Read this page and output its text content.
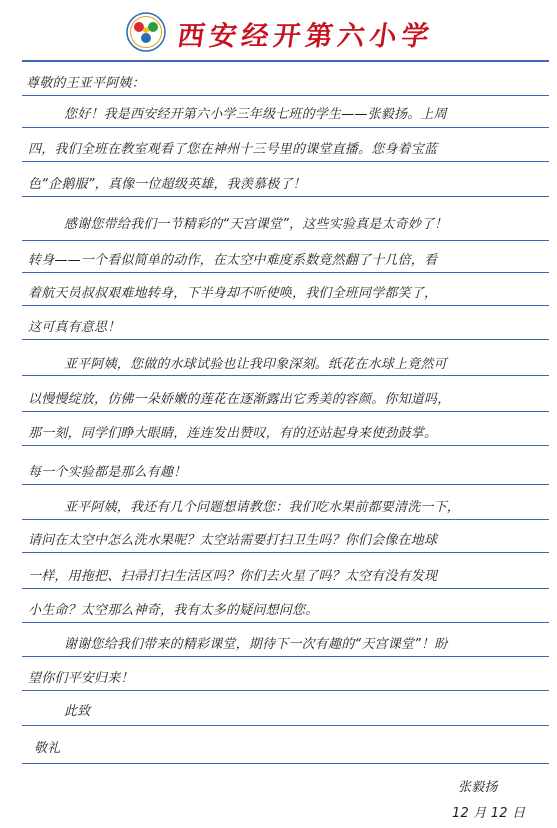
西安经开第六小学
尊敬的王亚平阿姨：
您好！我是西安经开第六小学三年级七班的学生——张毅扬。上周
四，我们全班在教室观看了您在神州十三号里的课堂直播。您身着宝蓝
色“企鹅服”，真像一位超级英雄，我羡慕极了！
感谢您带给我们一节精彩的“天宫课堂”，这些实验真是太奇妙了！
转身——一个看似简单的动作，在太空中难度系数竟然翻了十几倍，看
着航天员叔叔艰难地转身，下半身却不听使唤，我们全班同学都笑了，
这可真有意思！
亚平阿姨，您做的水球试验也让我印象深刻。纸花在水球上竟然可
以慢慢绽放，仿佛一朵娇嫩的莲花在逐渐露出它秀美的容颜。你知道吗，
那一刻，同学们睁大眼睛，连连发出赞叹，有的还站起身来使劲鼓掌。
每一个实验都是那么有趣！
亚平阿姨，我还有几个问题想请教您：我们吃水果前都要清洗一下，
请问在太空中怎么洗水果呢？太空站需要打扫卫生吗？你们会像在地球
一样，用拖把、扫帚打扫生活区吗？你们去火星了吗？太空有没有发现
小生命？太空那么神奇，我有太多的疑问想问您。
谢谢您给我们带来的精彩课堂，期待下一次有趣的“天宫课堂”！盼
望你们平安归来！
此致
敬礼
张毅扬
12 月 12 日
